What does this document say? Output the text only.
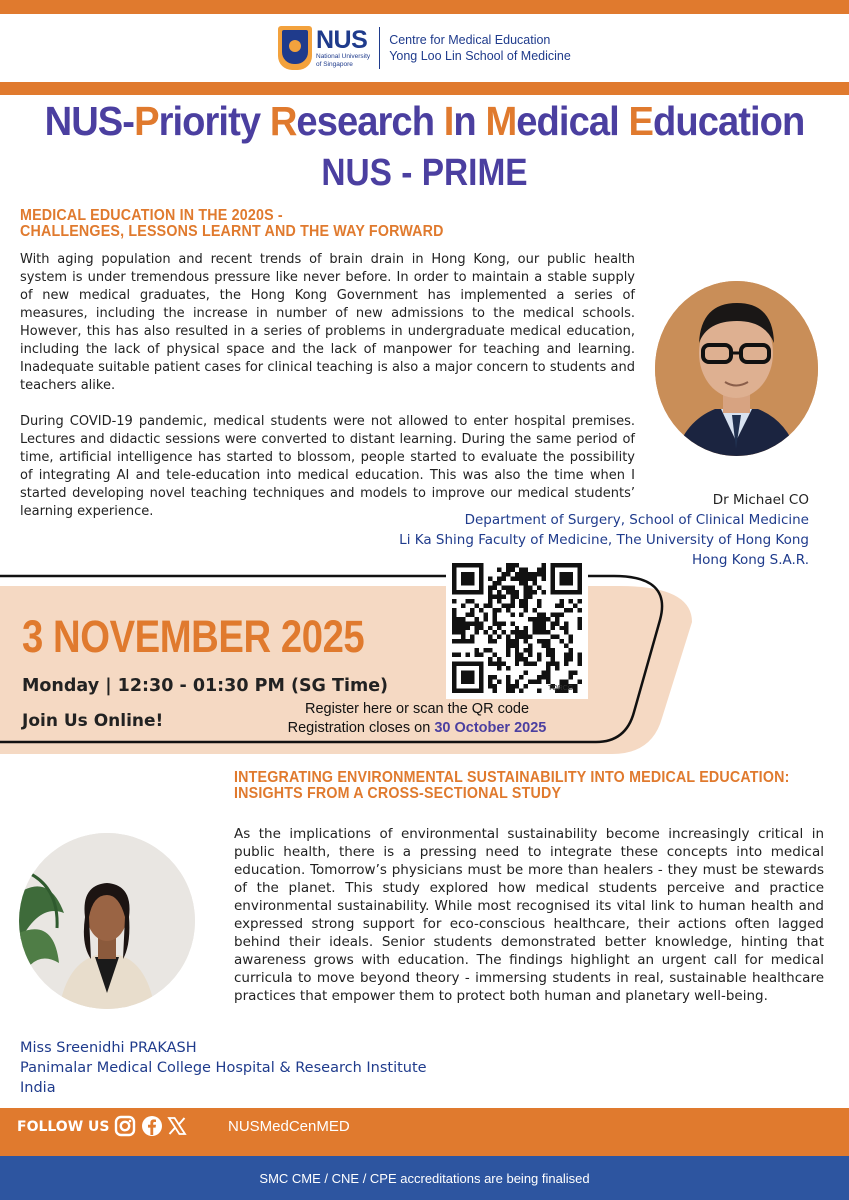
NUS
National University
of Singapore
Centre for Medical Education
Yong Loo Lin School of Medicine
NUS-Priority Research In Medical Education
NUS - PRIME
MEDICAL EDUCATION IN THE 2020S -
CHALLENGES, LESSONS LEARNT AND THE WAY FORWARD

With aging population and recent trends of brain drain in Hong Kong, our public health system is under tremendous pressure like never before. In order to maintain a stable supply of new medical graduates, the Hong Kong Government has implemented a series of measures, including the increase in number of new admissions to the medical schools. However, this has also resulted in a series of problems in undergraduate medical education, including the lack of physical space and the lack of manpower for teaching and learning. Inadequate suitable patient cases for clinical teaching is also a major concern to students and teachers alike.

During COVID-19 pandemic, medical students were not allowed to enter hospital premises. Lectures and didactic sessions were converted to distant learning. During the same period of time, artificial intelligence has started to blossom, people started to evaluate the possibility of integrating AI and tele-education into medical education. This was also the time when I started developing novel teaching techniques and models to improve our medical students’ learning experience.

Dr Michael CO
Department of Surgery, School of Clinical Medicine
Li Ka Shing Faculty of Medicine, The University of Hong Kong
Hong Kong S.A.R.
3 NOVEMBER 2025
Monday | 12:30 - 01:30 PM (SG Time)
Join Us Online!
TQRCG
Register here or scan the QR code
Registration closes on 30 October 2025
INTEGRATING ENVIRONMENTAL SUSTAINABILITY INTO MEDICAL EDUCATION:
INSIGHTS FROM A CROSS-SECTIONAL STUDY

As the implications of environmental sustainability become increasingly critical in public health, there is a pressing need to integrate these concepts into medical education. Tomorrow’s physicians must be more than healers - they must be stewards of the planet. This study explored how medical students perceive and practice environmental sustainability. While most recognised its vital link to human health and expressed strong support for eco-conscious healthcare, their actions often lagged behind their ideals. Senior students demonstrated better knowledge, hinting that awareness grows with education. The findings highlight an urgent call for medical curricula to move beyond theory - immersing students in real, sustainable healthcare practices that empower them to protect both human and planetary well-being.

Miss Sreenidhi PRAKASH
Panimalar Medical College Hospital & Research Institute
India
FOLLOW US	NUSMedCenMED
SMC CME / CNE / CPE accreditations are being finalised
